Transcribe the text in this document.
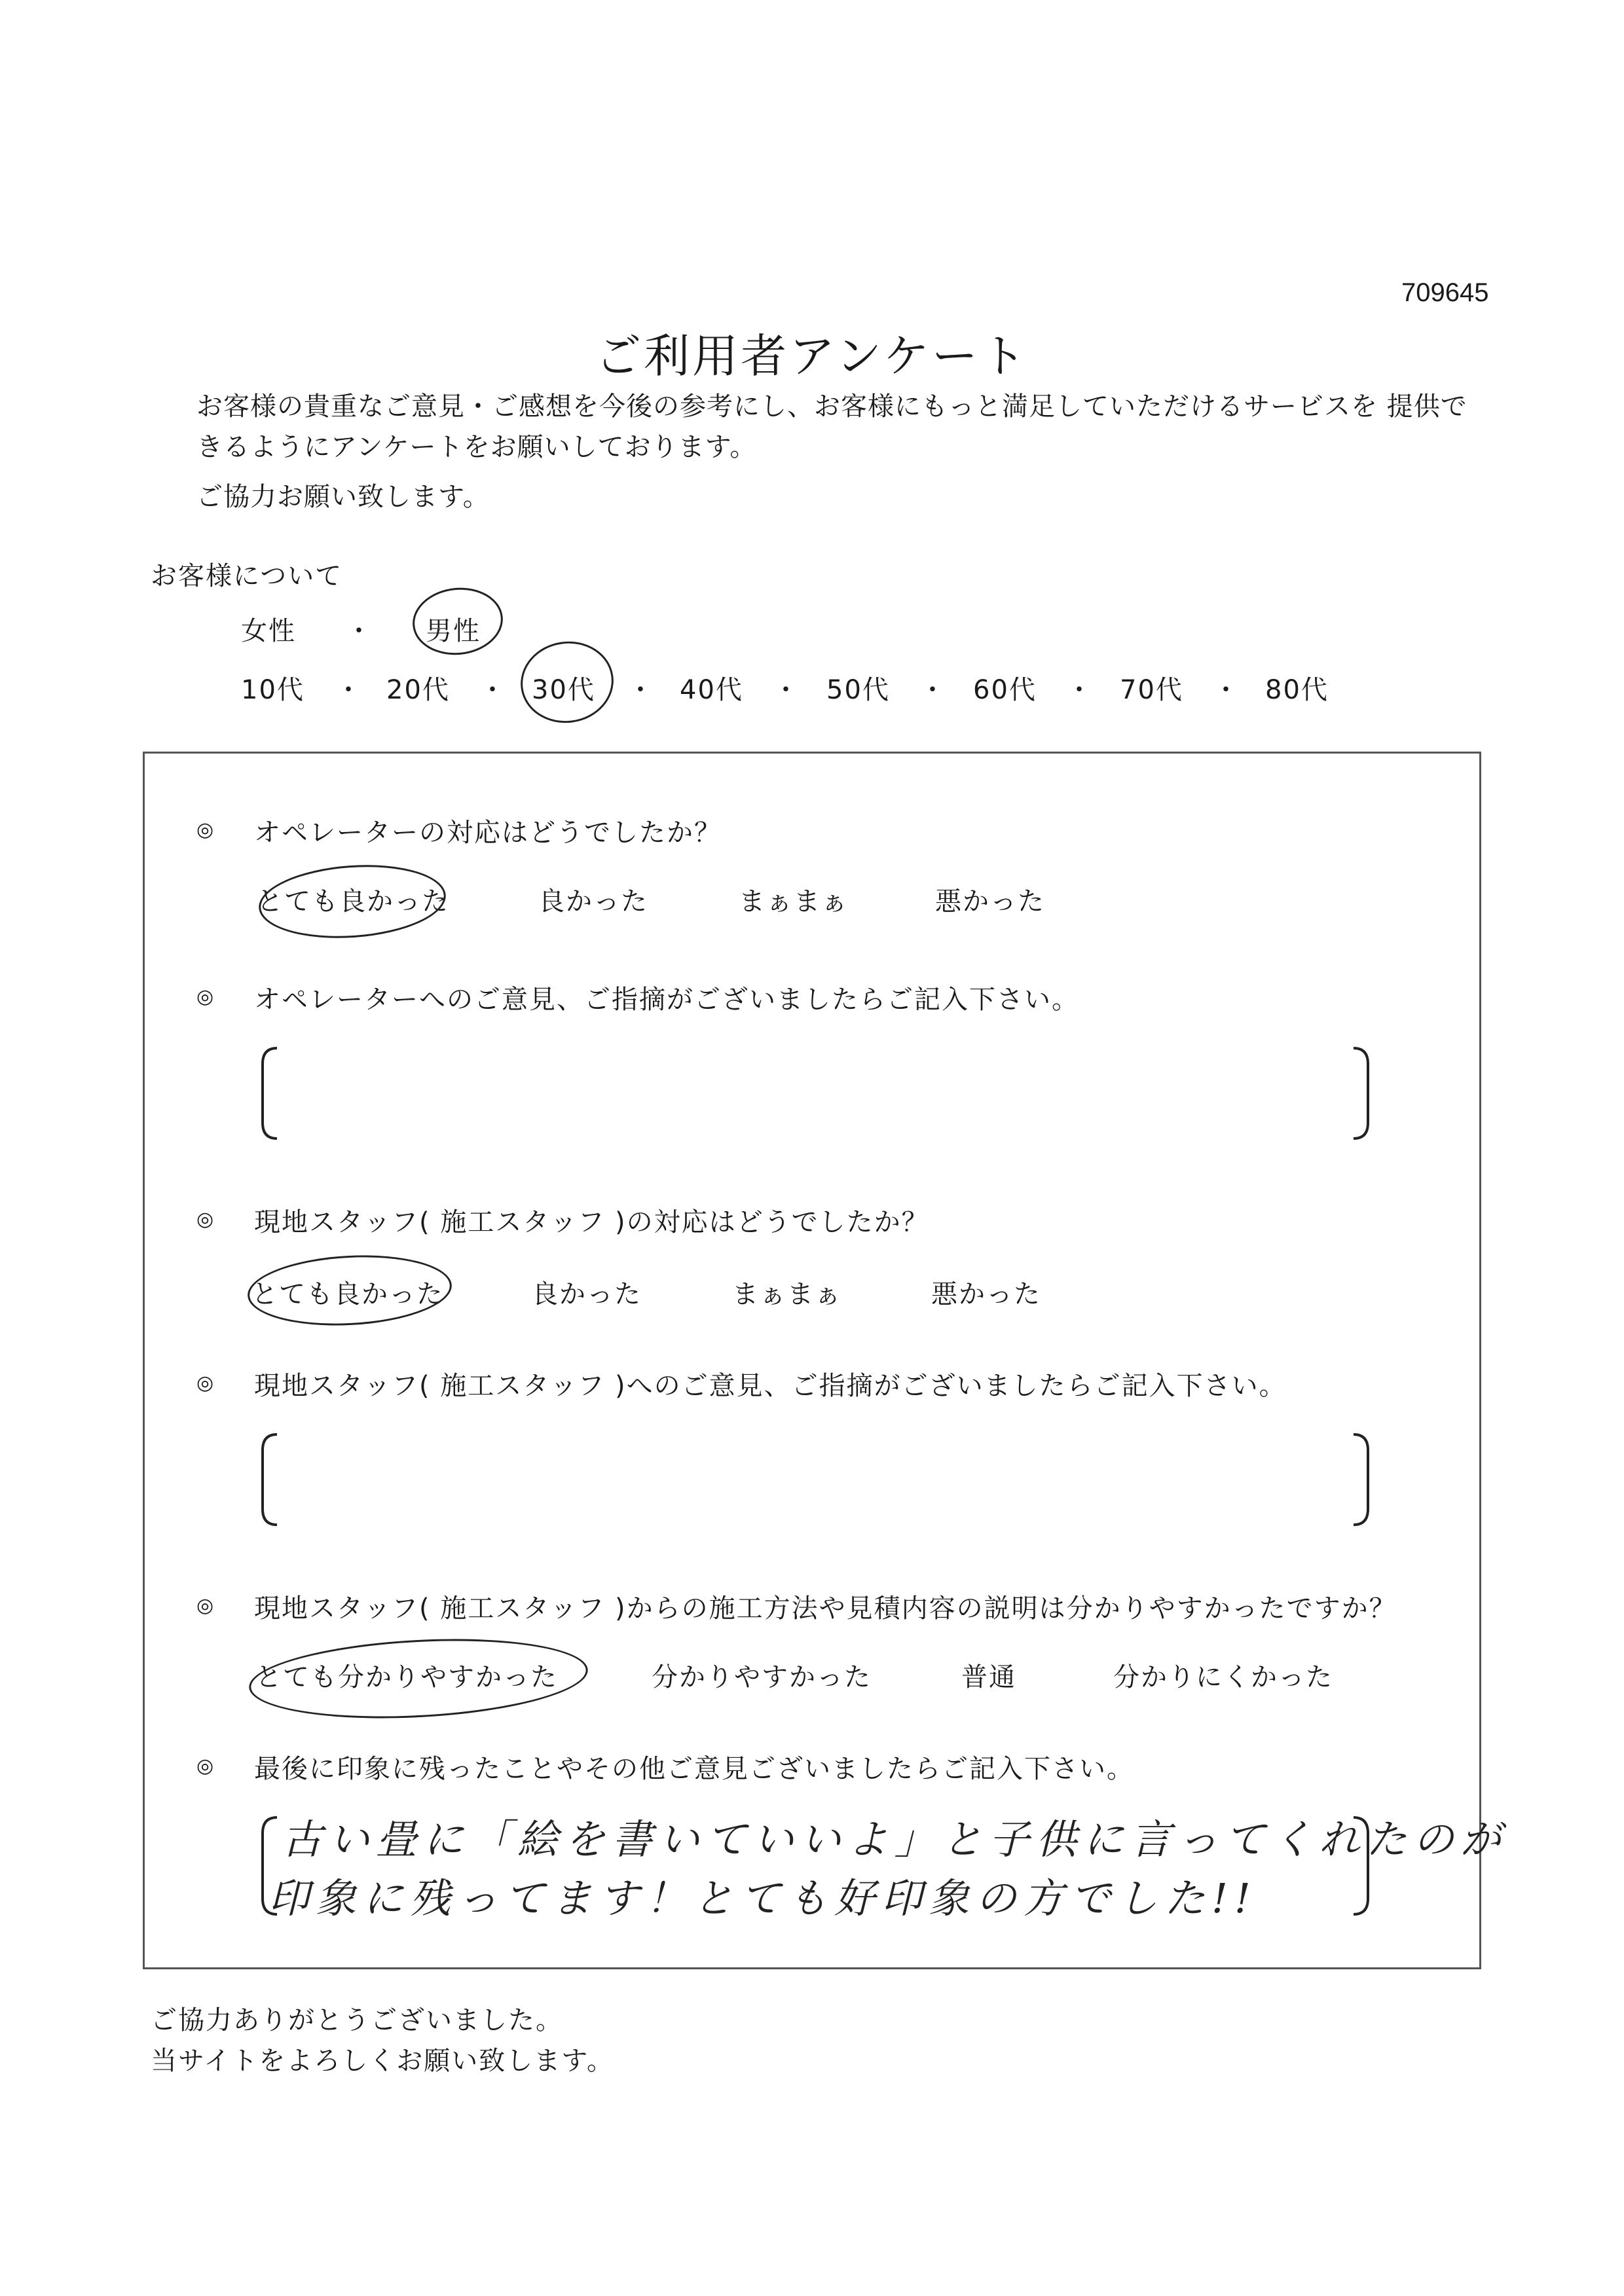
709645
ご利用者アンケート
お客様の貴重なご意見・ご感想を今後の参考にし、お客様にもっと満足していただけるサービスを 提供で
きるようにアンケートをお願いしております。
ご協力お願い致します。
お客様について
女性 ・ 男性
10代 ・ 20代 ・ 30代 ・ 40代 ・ 50代 ・ 60代 ・ 70代 ・ 80代
◎ オペレーターの対応はどうでしたか？
とても良かった	良かった	まぁまぁ	悪かった
◎ オペレーターへのご意見、ご指摘がございましたらご記入下さい。
◎ 現地スタッフ( 施工スタッフ )の対応はどうでしたか？
とても良かった	良かった	まぁまぁ	悪かった
◎ 現地スタッフ( 施工スタッフ )へのご意見、ご指摘がございましたらご記入下さい。
◎ 現地スタッフ( 施工スタッフ )からの施工方法や見積内容の説明は分かりやすかったですか？
とても分かりやすかった	分かりやすかった	普通	分かりにくかった
◎ 最後に印象に残ったことやその他ご意見ございましたらご記入下さい。
古い畳に「絵を書いていいよ」と子供に言ってくれたのが
印象に残ってます！とても好印象の方でした!!
ご協力ありがとうございました。
当サイトをよろしくお願い致します。
